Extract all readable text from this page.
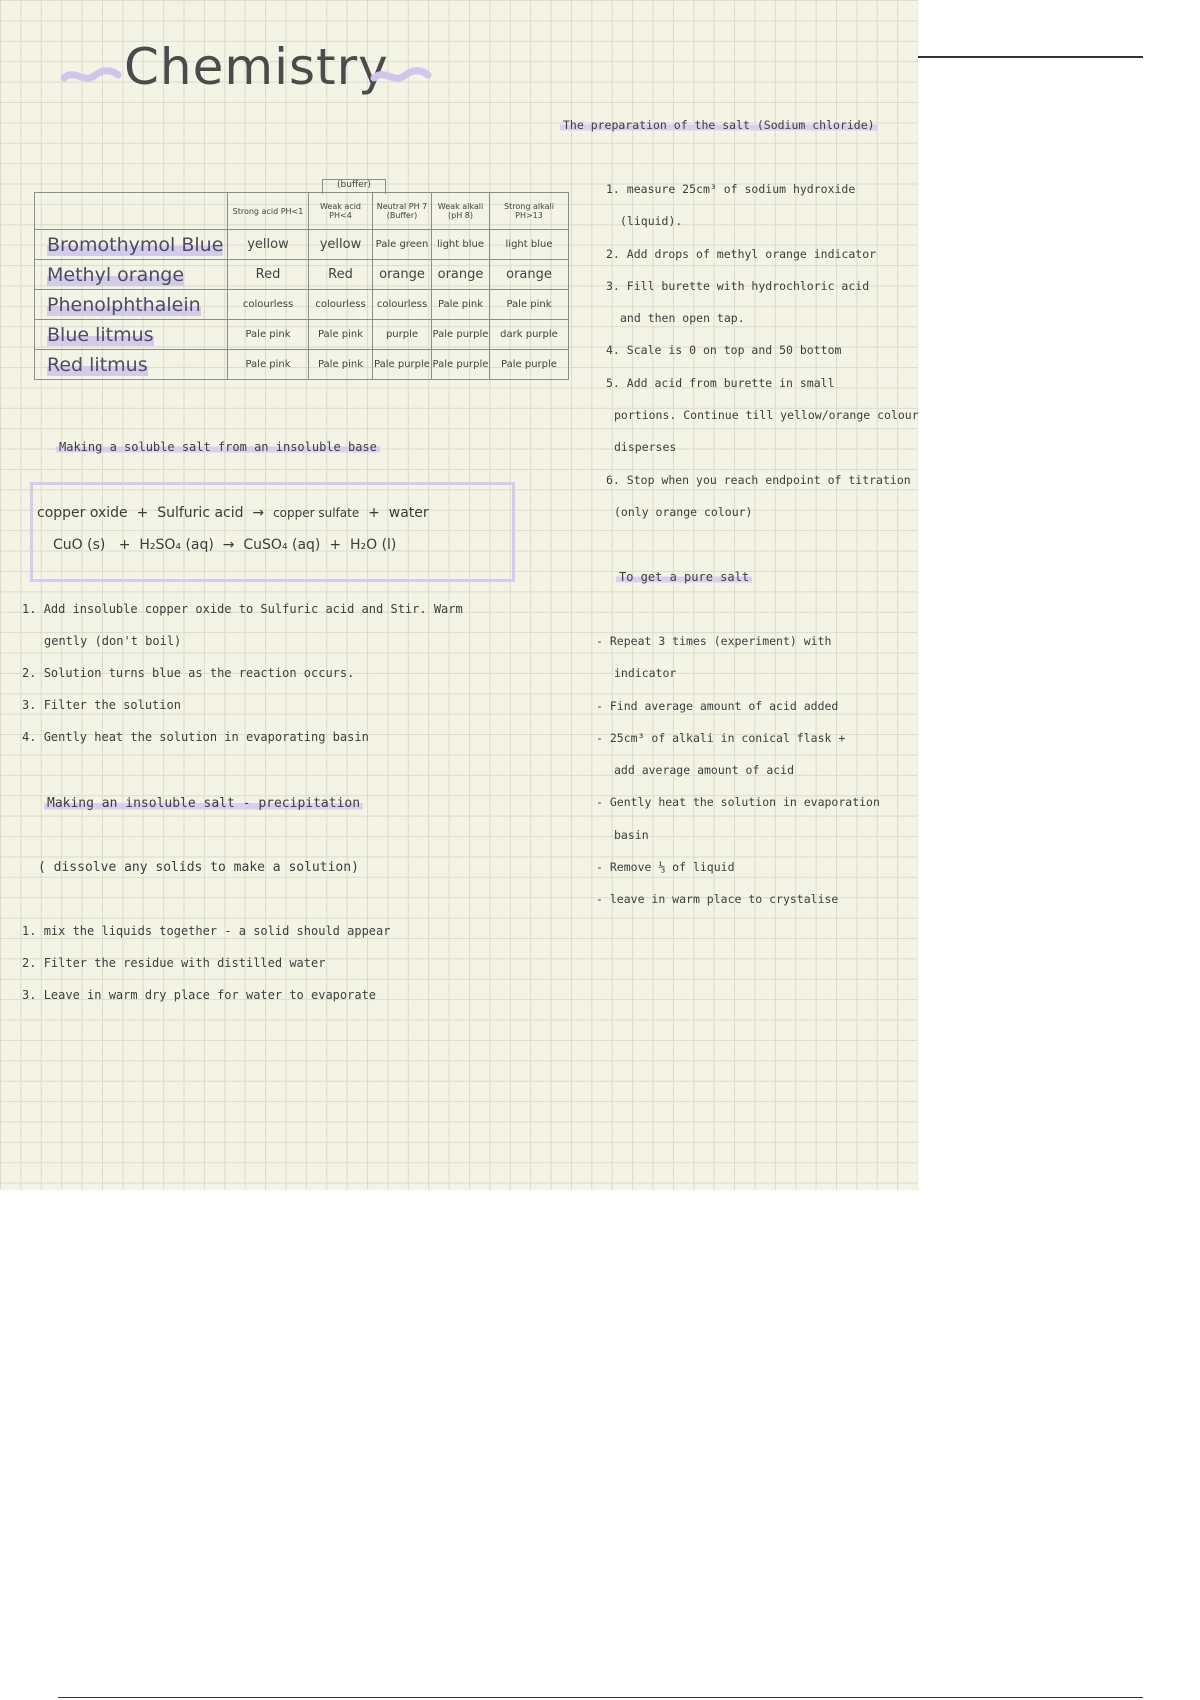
Chemistry
The preparation of the salt (Sodium chloride)
(buffer)
	Strong acid PH<1	Weak acid PH<4	Neutral PH 7 (Buffer)	Weak alkali (pH 8)	Strong alkali PH>13
Bromothymol Blue	yellow	yellow	Pale green	light blue	light blue
Methyl orange	Red	Red	orange	orange	orange
Phenolphthalein	colourless	colourless	colourless	Pale pink	Pale pink
Blue litmus	Pale pink	Pale pink	purple	Pale purple	dark purple
Red litmus	Pale pink	Pale pink	Pale purple	Pale purple	Pale purple
Making a soluble salt from an insoluble base
copper oxide + Sulfuric acid → copper sulfate + water
CuO (s) + H₂SO₄ (aq) → CuSO₄ (aq) + H₂O (l)
1. Add insoluble copper oxide to Sulfuric acid and Stir. Warm
gently (don't boil)
2. Solution turns blue as the reaction occurs.
3. Filter the solution
4. Gently heat the solution in evaporating basin
Making an insoluble salt - precipitation
( dissolve any solids to make a solution)
1. mix the liquids together - a solid should appear
2. Filter the residue with distilled water
3. Leave in warm dry place for water to evaporate
1. measure 25cm³ of sodium hydroxide
(liquid).
2. Add drops of methyl orange indicator
3. Fill burette with hydrochloric acid
and then open tap.
4. Scale is 0 on top and 50 bottom
5. Add acid from burette in small
portions. Continue till yellow/orange colour
disperses
6. Stop when you reach endpoint of titration
(only orange colour)
To get a pure salt
- Repeat 3 times (experiment) with
indicator
- Find average amount of acid added
- 25cm³ of alkali in conical flask +
add average amount of acid
- Gently heat the solution in evaporation
basin
- Remove ⅓ of liquid
- leave in warm place to crystalise
